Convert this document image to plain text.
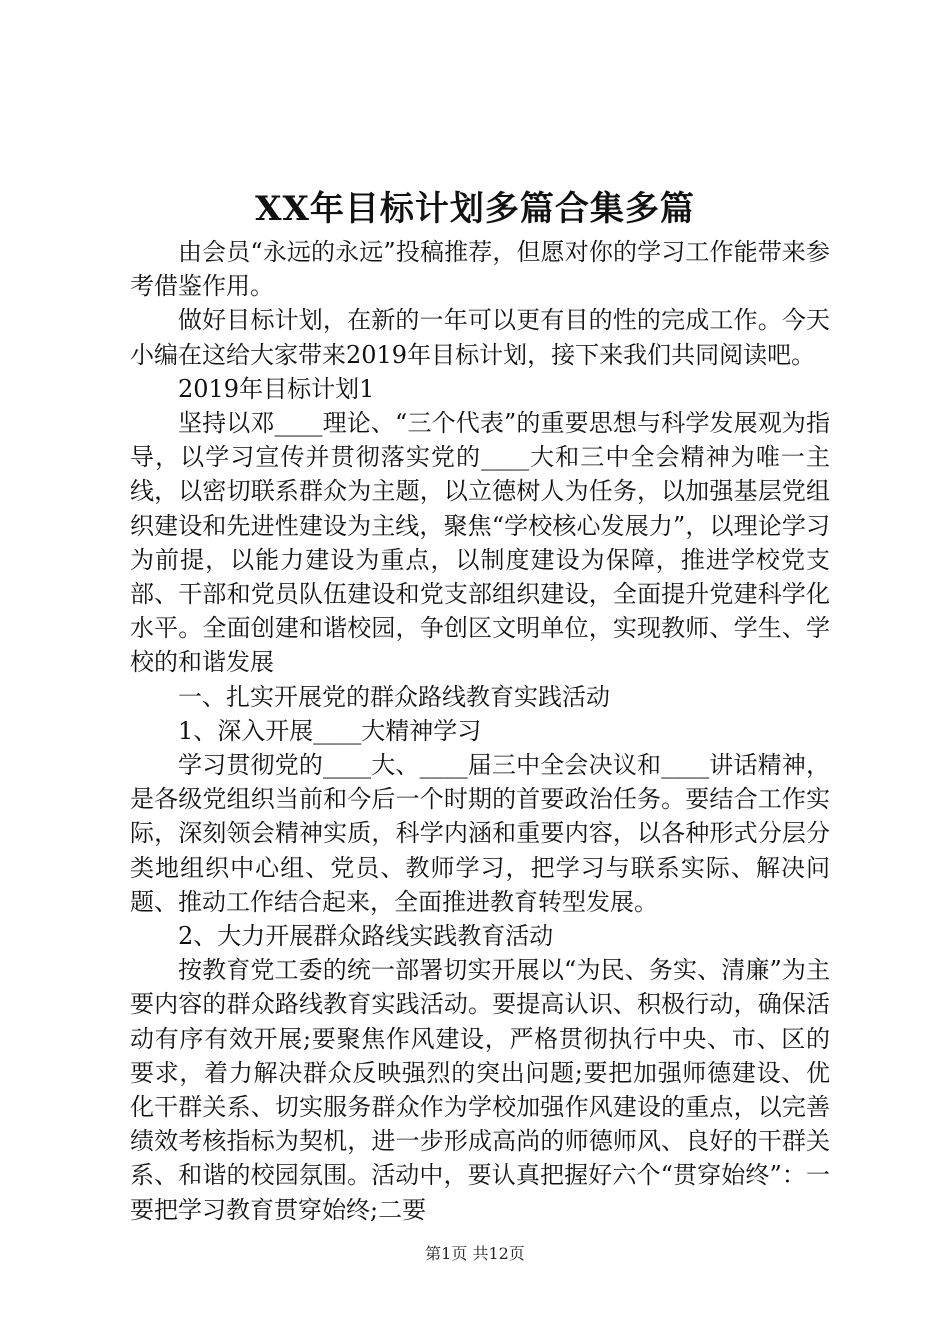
XX年目标计划多篇合集多篇

由会员“永远的永远”投稿推荐，但愿对你的学习工作能带来参考借鉴作用。

做好目标计划，在新的一年可以更有目的性的完成工作。今天小编在这给大家带来2019年目标计划，接下来我们共同阅读吧。

2019年目标计划1

坚持以邓____理论、“三个代表”的重要思想与科学发展观为指导，以学习宣传并贯彻落实党的____大和三中全会精神为唯一主线，以密切联系群众为主题，以立德树人为任务，以加强基层党组织建设和先进性建设为主线，聚焦“学校核心发展力”，以理论学习为前提，以能力建设为重点，以制度建设为保障，推进学校党支部、干部和党员队伍建设和党支部组织建设，全面提升党建科学化水平。全面创建和谐校园，争创区文明单位，实现教师、学生、学校的和谐发展

一、扎实开展党的群众路线教育实践活动

1、深入开展____大精神学习

学习贯彻党的____大、____届三中全会决议和____讲话精神，是各级党组织当前和今后一个时期的首要政治任务。要结合工作实际，深刻领会精神实质，科学内涵和重要内容，以各种形式分层分类地组织中心组、党员、教师学习，把学习与联系实际、解决问题、推动工作结合起来，全面推进教育转型发展。

2、大力开展群众路线实践教育活动

按教育党工委的统一部署切实开展以“为民、务实、清廉”为主要内容的群众路线教育实践活动。要提高认识、积极行动，确保活动有序有效开展;要聚焦作风建设，严格贯彻执行中央、市、区的要求，着力解决群众反映强烈的突出问题;要把加强师德建设、优化干群关系、切实服务群众作为学校加强作风建设的重点，以完善绩效考核指标为契机，进一步形成高尚的师德师风、良好的干群关系、和谐的校园氛围。活动中，要认真把握好六个“贯穿始终”：一要把学习教育贯穿始终;二要

第1页 共12页
